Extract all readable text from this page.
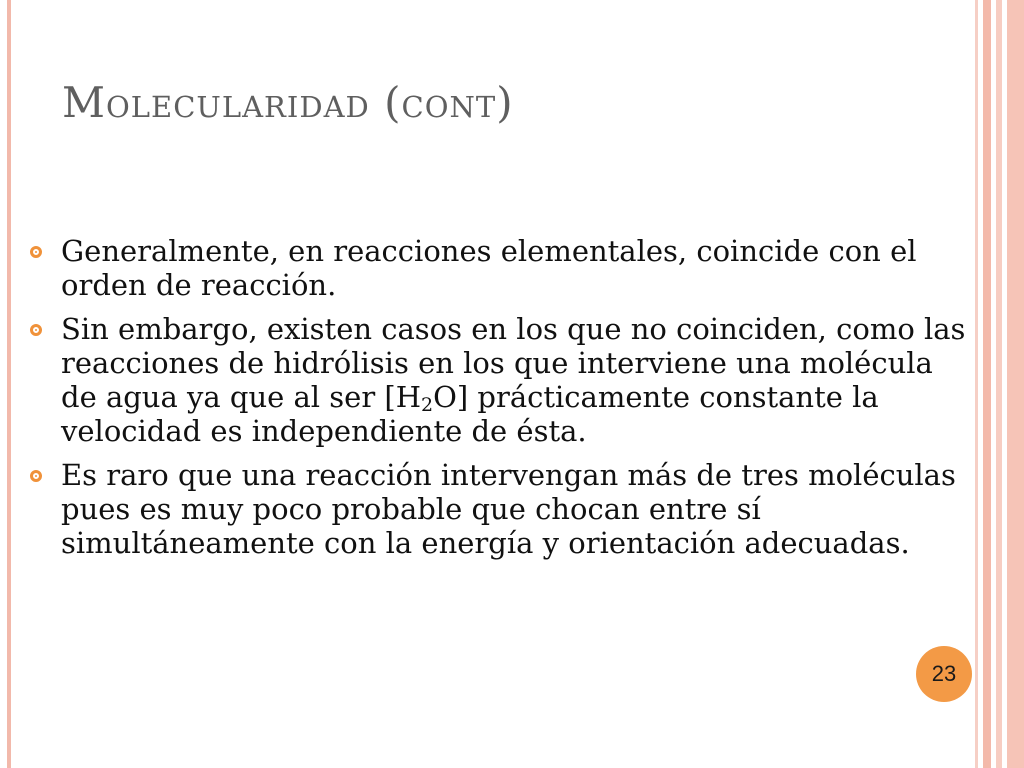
Molecularidad (cont)
Generalmente, en reacciones elementales, coincide con el orden de reacción.
Sin embargo, existen casos en los que no coinciden, como las reacciones de hidrólisis en los que interviene una molécula de agua ya que al ser $[H_2O]$ prácticamente constante la velocidad es independiente de ésta.
Es raro que una reacción intervengan más de tres moléculas pues es muy poco probable que chocan entre sí simultáneamente con la energía y orientación adecuadas.
23
